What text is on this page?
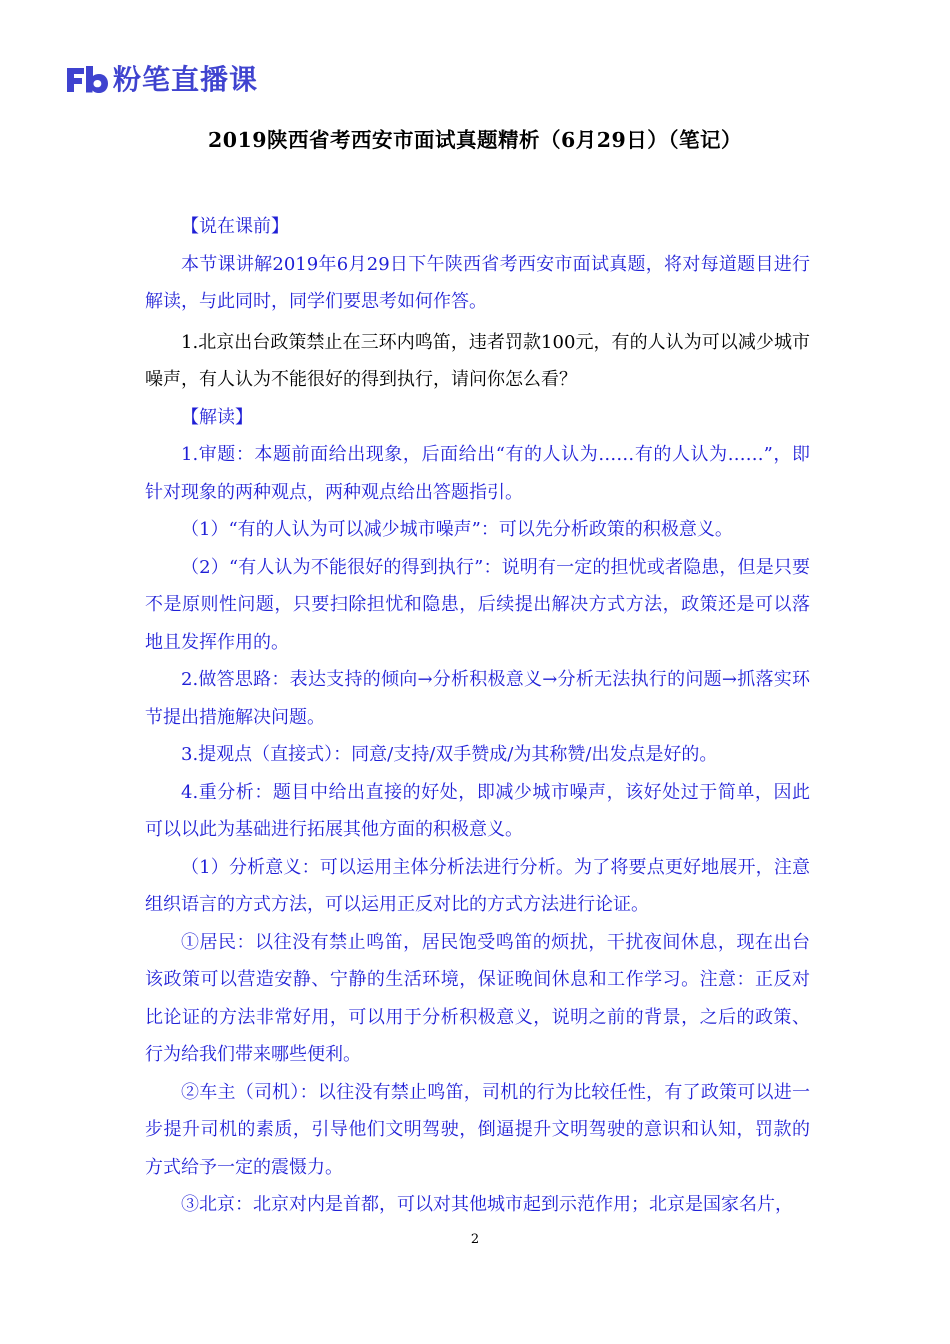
粉笔直播课
2019陕西省考西安市面试真题精析（6月29日）（笔记）

【说在课前】

本节课讲解2019年6月29日下午陕西省考西安市面试真题，将对每道题目进行解读，与此同时，同学们要思考如何作答。

1.北京出台政策禁止在三环内鸣笛，违者罚款100元，有的人认为可以减少城市噪声，有人认为不能很好的得到执行，请问你怎么看？

【解读】

1.审题：本题前面给出现象，后面给出“有的人认为……有的人认为……”，即针对现象的两种观点，两种观点给出答题指引。

（1）“有的人认为可以减少城市噪声”：可以先分析政策的积极意义。

（2）“有人认为不能很好的得到执行”：说明有一定的担忧或者隐患，但是只要不是原则性问题，只要扫除担忧和隐患，后续提出解决方式方法，政策还是可以落地且发挥作用的。

2.做答思路：表达支持的倾向→分析积极意义→分析无法执行的问题→抓落实环节提出措施解决问题。

3.提观点（直接式）：同意/支持/双手赞成/为其称赞/出发点是好的。

4.重分析：题目中给出直接的好处，即减少城市噪声，该好处过于简单，因此可以以此为基础进行拓展其他方面的积极意义。

（1）分析意义：可以运用主体分析法进行分析。为了将要点更好地展开，注意组织语言的方式方法，可以运用正反对比的方式方法进行论证。

①居民：以往没有禁止鸣笛，居民饱受鸣笛的烦扰，干扰夜间休息，现在出台该政策可以营造安静、宁静的生活环境，保证晚间休息和工作学习。注意：正反对比论证的方法非常好用，可以用于分析积极意义，说明之前的背景，之后的政策、行为给我们带来哪些便利。

②车主（司机）：以往没有禁止鸣笛，司机的行为比较任性，有了政策可以进一步提升司机的素质，引导他们文明驾驶，倒逼提升文明驾驶的意识和认知，罚款的方式给予一定的震慑力。

③北京：北京对内是首都，可以对其他城市起到示范作用；北京是国家名片，

2
